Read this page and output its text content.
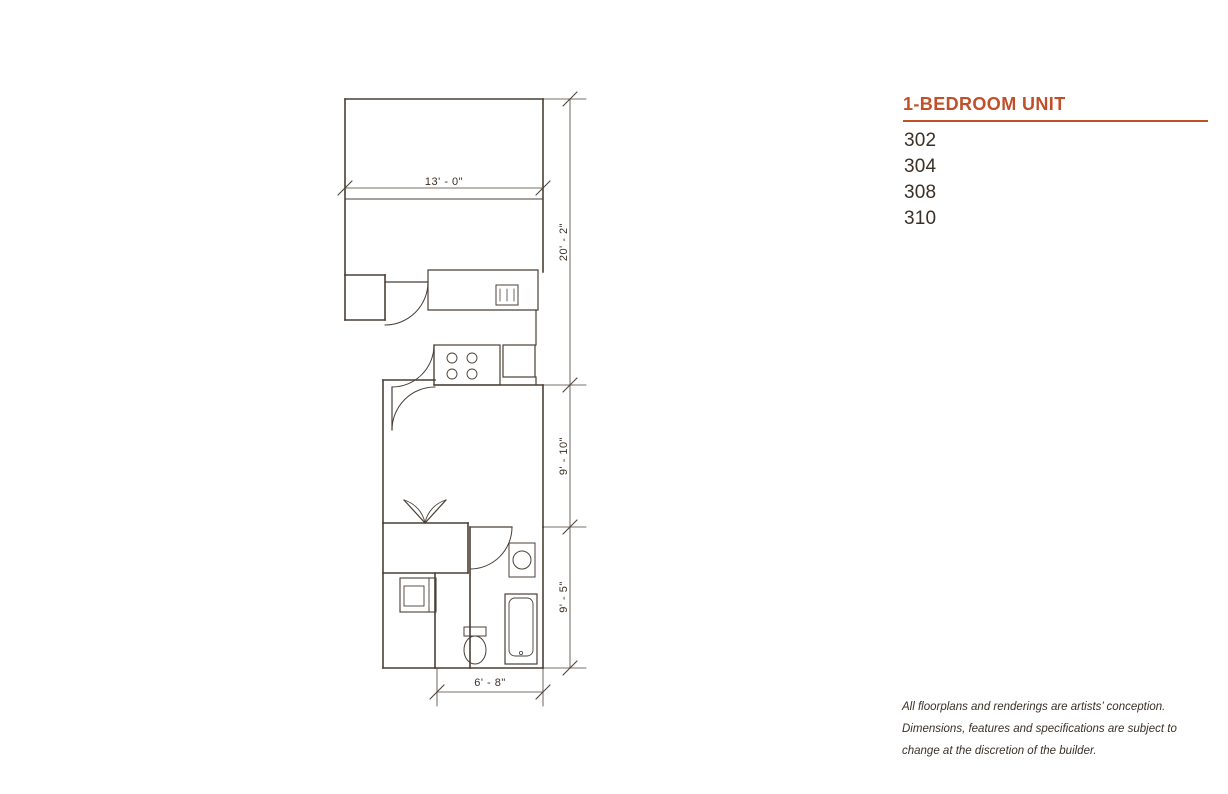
13' - 0"
20' - 2"
9' - 10"
9' - 5"
6' - 8"
1-BEDROOM UNIT
302
304
308
310
All floorplans and renderings are artists’ conception. Dimensions, features and specifications are subject to change at the discretion of the builder.
